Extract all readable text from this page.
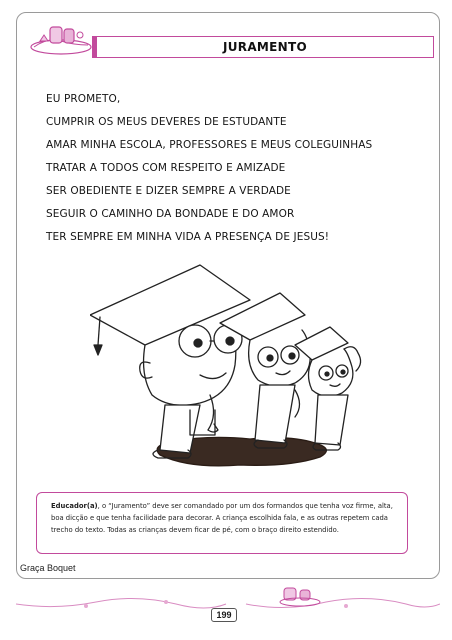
JURAMENTO
EU PROMETO,
CUMPRIR OS MEUS DEVERES DE ESTUDANTE
AMAR MINHA ESCOLA, PROFESSORES E MEUS COLEGUINHAS
TRATAR A TODOS COM RESPEITO E AMIZADE
SER OBEDIENTE E DIZER SEMPRE A VERDADE
SEGUIR O CAMINHO DA BONDADE E DO AMOR
TER SEMPRE EM MINHA VIDA A PRESENÇA DE JESUS!
Educador(a), o “Juramento” deve ser comandado por um dos formandos que tenha voz firme, alta, boa dicção e que tenha facilidade para decorar. A criança escolhida fala, e as outras repetem cada trecho do texto. Todas as crianças devem ficar de pé, com o braço direito estendido.
Graça Boquet
199
